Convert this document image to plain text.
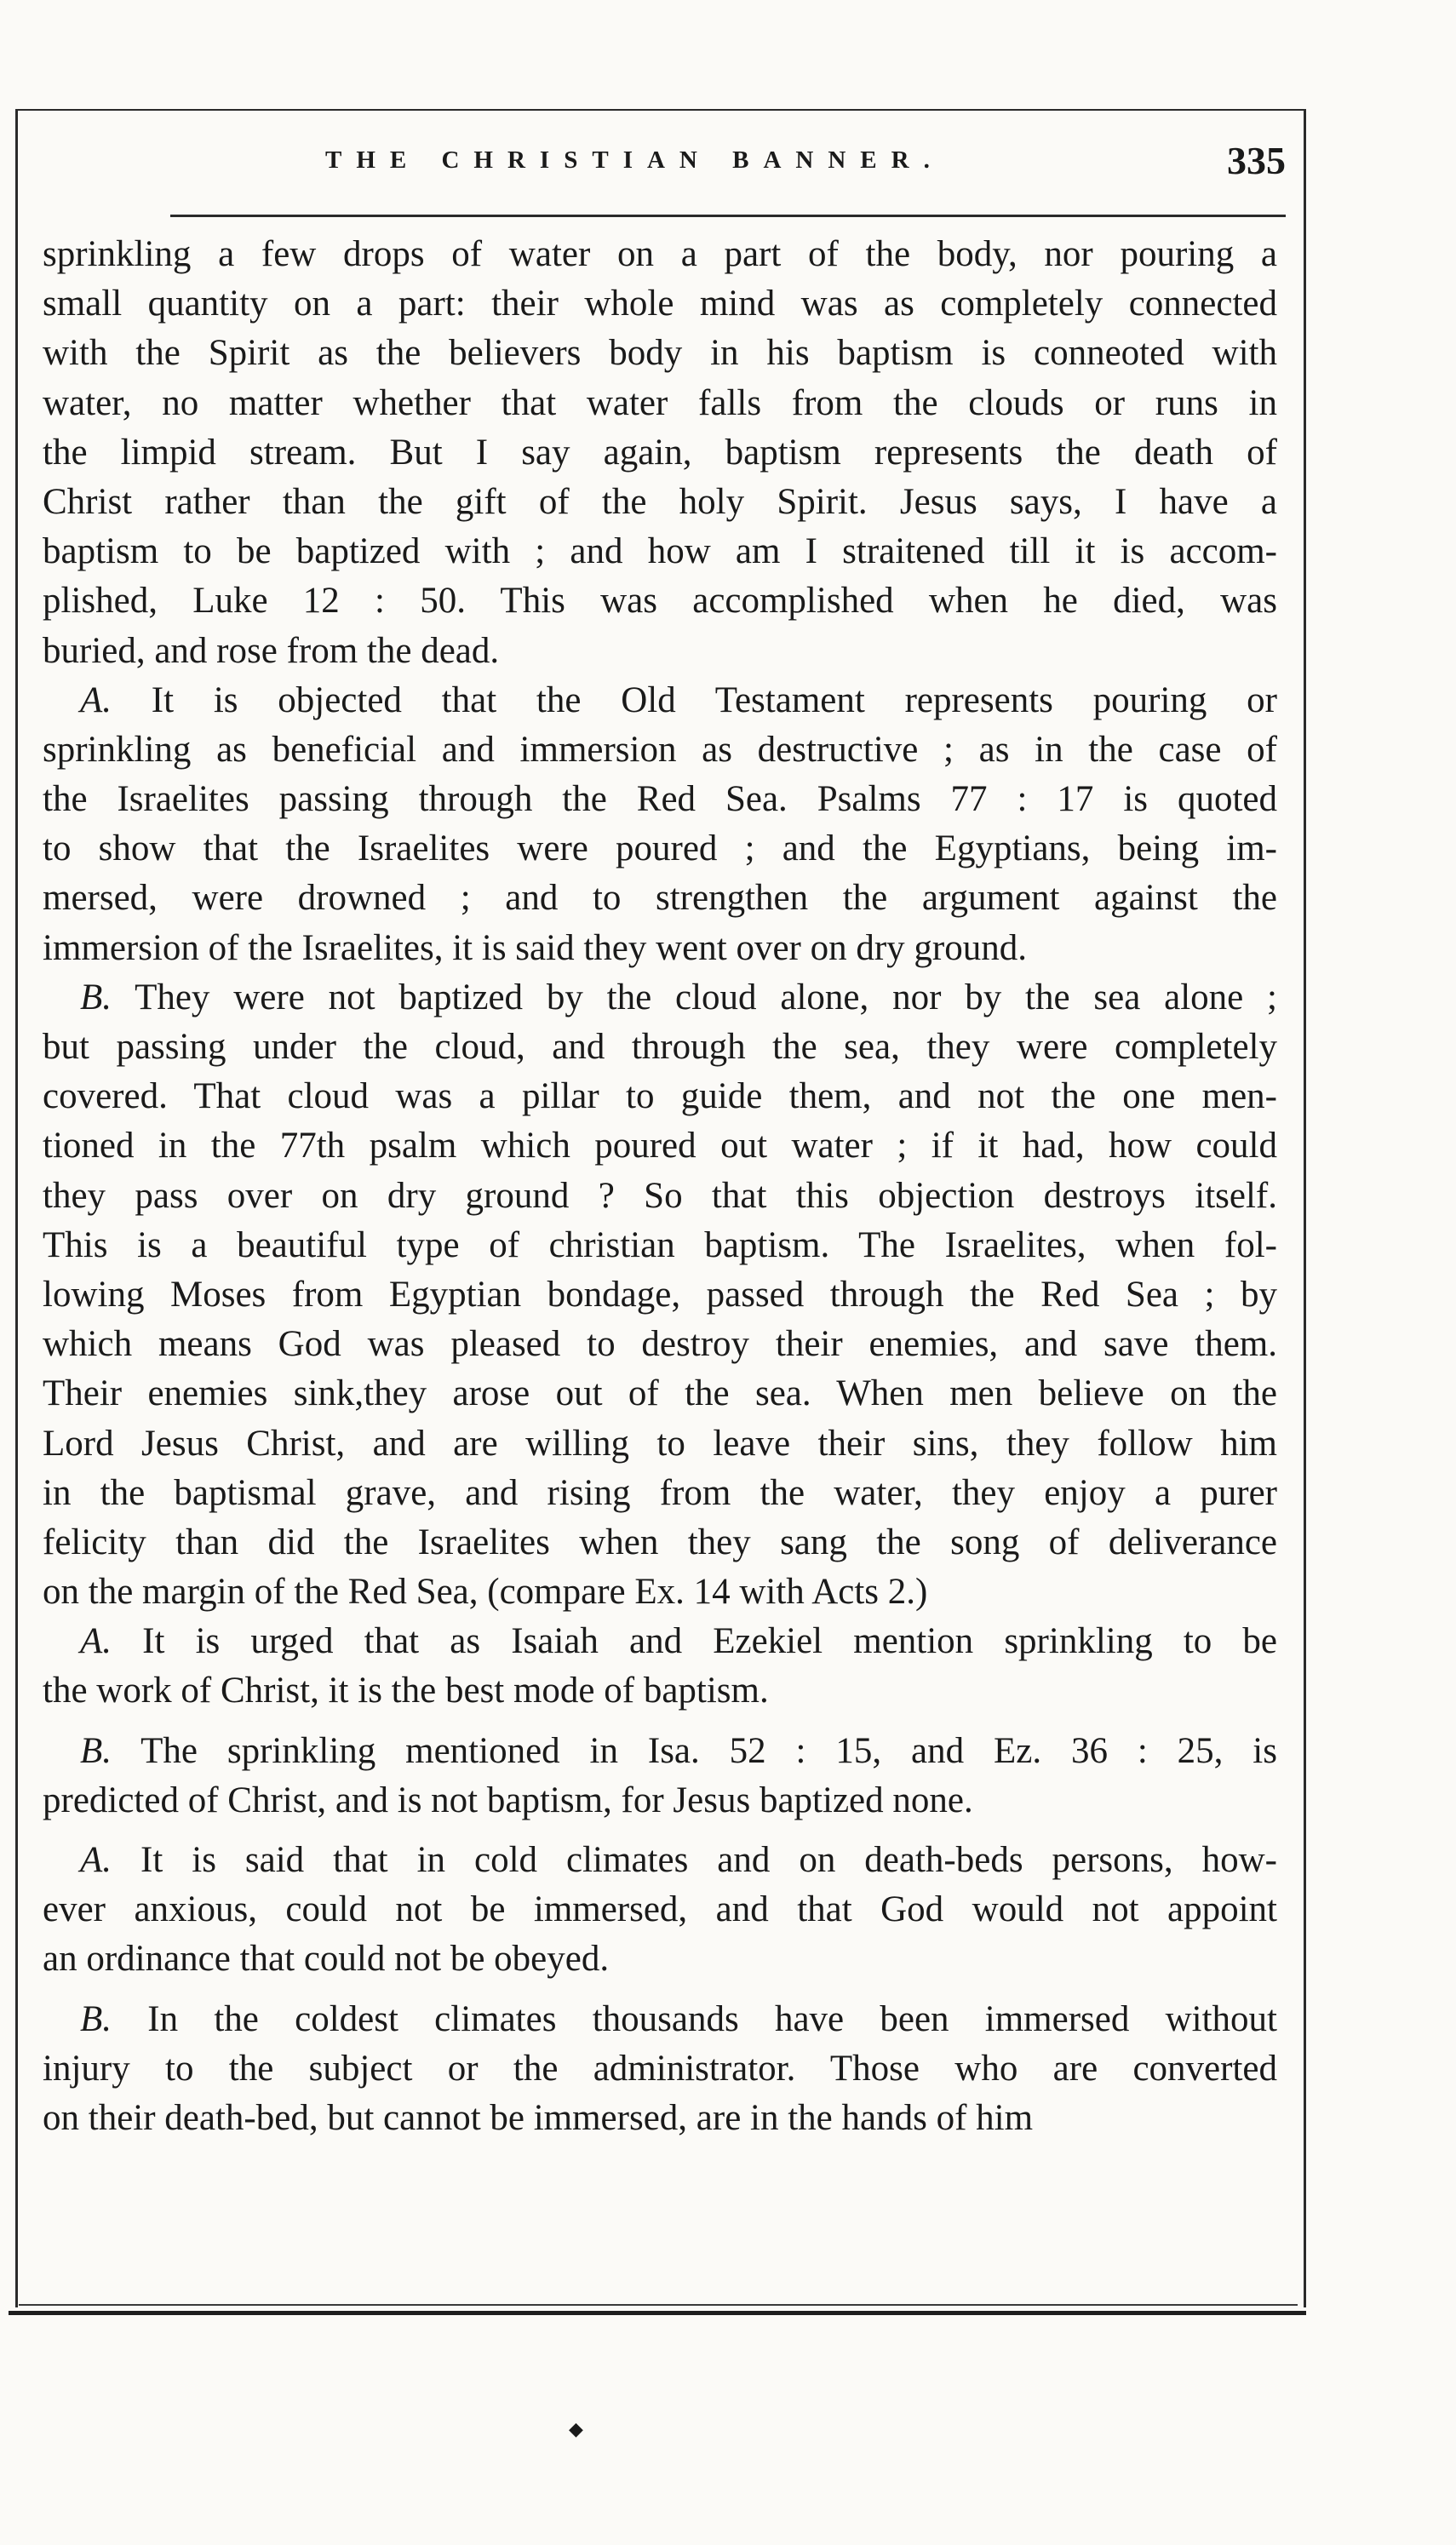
THE CHRISTIAN BANNER.	335
sprinkling a few drops of water on a part of the body, nor pouring a
small quantity on a part: their whole mind was as completely connected
with the Spirit as the believers body in his baptism is conneoted with
water, no matter whether that water falls from the clouds or runs in
the limpid stream. But I say again, baptism represents the death of
Christ rather than the gift of the holy Spirit. Jesus says, I have a
baptism to be baptized with ; and how am I straitened till it is accom-
plished, Luke 12 : 50. This was accomplished when he died, was
buried, and rose from the dead.
A. It is objected that the Old Testament represents pouring or
sprinkling as beneficial and immersion as destructive ; as in the case of
the Israelites passing through the Red Sea. Psalms 77 : 17 is quoted
to show that the Israelites were poured ; and the Egyptians, being im-
mersed, were drowned ; and to strengthen the argument against the
immersion of the Israelites, it is said they went over on dry ground.
B. They were not baptized by the cloud alone, nor by the sea alone ;
but passing under the cloud, and through the sea, they were completely
covered. That cloud was a pillar to guide them, and not the one men-
tioned in the 77th psalm which poured out water ; if it had, how could
they pass over on dry ground ? So that this objection destroys itself.
This is a beautiful type of christian baptism. The Israelites, when fol-
lowing Moses from Egyptian bondage, passed through the Red Sea ; by
which means God was pleased to destroy their enemies, and save them.
Their enemies sink,they arose out of the sea. When men believe on the
Lord Jesus Christ, and are willing to leave their sins, they follow him
in the baptismal grave, and rising from the water, they enjoy a purer
felicity than did the Israelites when they sang the song of deliverance
on the margin of the Red Sea, (compare Ex. 14 with Acts 2.)
A. It is urged that as Isaiah and Ezekiel mention sprinkling to be
the work of Christ, it is the best mode of baptism.
B. The sprinkling mentioned in Isa. 52 : 15, and Ez. 36 : 25, is
predicted of Christ, and is not baptism, for Jesus baptized none.
A. It is said that in cold climates and on death-beds persons, how-
ever anxious, could not be immersed, and that God would not appoint
an ordinance that could not be obeyed.
B. In the coldest climates thousands have been immersed without
injury to the subject or the administrator. Those who are converted
on their death-bed, but cannot be immersed, are in the hands of him
◆
